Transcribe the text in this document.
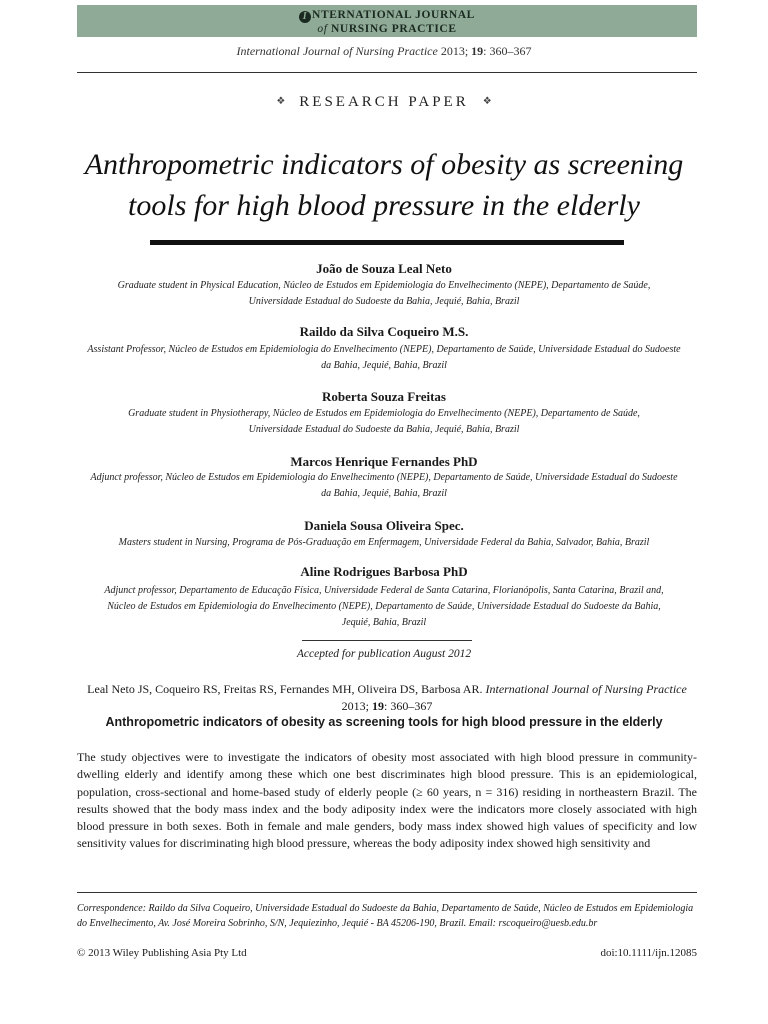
I NTERNATIONAL JOURNAL
of NURSING PRACTICE
International Journal of Nursing Practice 2013; 19: 360–367
❖ RESEARCH PAPER ❖
Anthropometric indicators of obesity as screening
tools for high blood pressure in the elderly
João de Souza Leal Neto
Graduate student in Physical Education, Núcleo de Estudos em Epidemiologia do Envelhecimento (NEPE), Departamento de Saúde,
Universidade Estadual do Sudoeste da Bahia, Jequié, Bahia, Brazil
Raildo da Silva Coqueiro M.S.
Assistant Professor, Núcleo de Estudos em Epidemiologia do Envelhecimento (NEPE), Departamento de Saúde, Universidade Estadual do Sudoeste
da Bahia, Jequié, Bahia, Brazil
Roberta Souza Freitas
Graduate student in Physiotherapy, Núcleo de Estudos em Epidemiologia do Envelhecimento (NEPE), Departamento de Saúde,
Universidade Estadual do Sudoeste da Bahia, Jequié, Bahia, Brazil
Marcos Henrique Fernandes PhD
Adjunct professor, Núcleo de Estudos em Epidemiologia do Envelhecimento (NEPE), Departamento de Saúde, Universidade Estadual do Sudoeste
da Bahia, Jequié, Bahia, Brazil
Daniela Sousa Oliveira Spec.
Masters student in Nursing, Programa de Pós-Graduação em Enfermagem, Universidade Federal da Bahia, Salvador, Bahia, Brazil
Aline Rodrigues Barbosa PhD
Adjunct professor, Departamento de Educação Física, Universidade Federal de Santa Catarina, Florianópolis, Santa Catarina, Brazil and,
Núcleo de Estudos em Epidemiologia do Envelhecimento (NEPE), Departamento de Saúde, Universidade Estadual do Sudoeste da Bahia,
Jequié, Bahia, Brazil
Accepted for publication August 2012
Leal Neto JS, Coqueiro RS, Freitas RS, Fernandes MH, Oliveira DS, Barbosa AR. International Journal of Nursing Practice 2013; 19: 360–367
Anthropometric indicators of obesity as screening tools for high blood pressure in the elderly
The study objectives were to investigate the indicators of obesity most associated with high blood pressure in community-dwelling elderly and identify among these which one best discriminates high blood pressure. This is an epidemiological, population, cross-sectional and home-based study of elderly people (≥ 60 years, n = 316) residing in northeastern Brazil. The results showed that the body mass index and the body adiposity index were the indicators more closely associated with high blood pressure in both sexes. Both in female and male genders, body mass index showed high values of specificity and low sensitivity values for discriminating high blood pressure, whereas the body adiposity index showed high sensitivity and
Correspondence: Raildo da Silva Coqueiro, Universidade Estadual do Sudoeste da Bahia, Departamento de Saúde, Núcleo de Estudos em Epidemiologia do Envelhecimento, Av. José Moreira Sobrinho, S/N, Jequiezinho, Jequié - BA 45206-190, Brazil. Email: rscoqueiro@uesb.edu.br
© 2013 Wiley Publishing Asia Pty Ltd	doi:10.1111/ijn.12085
